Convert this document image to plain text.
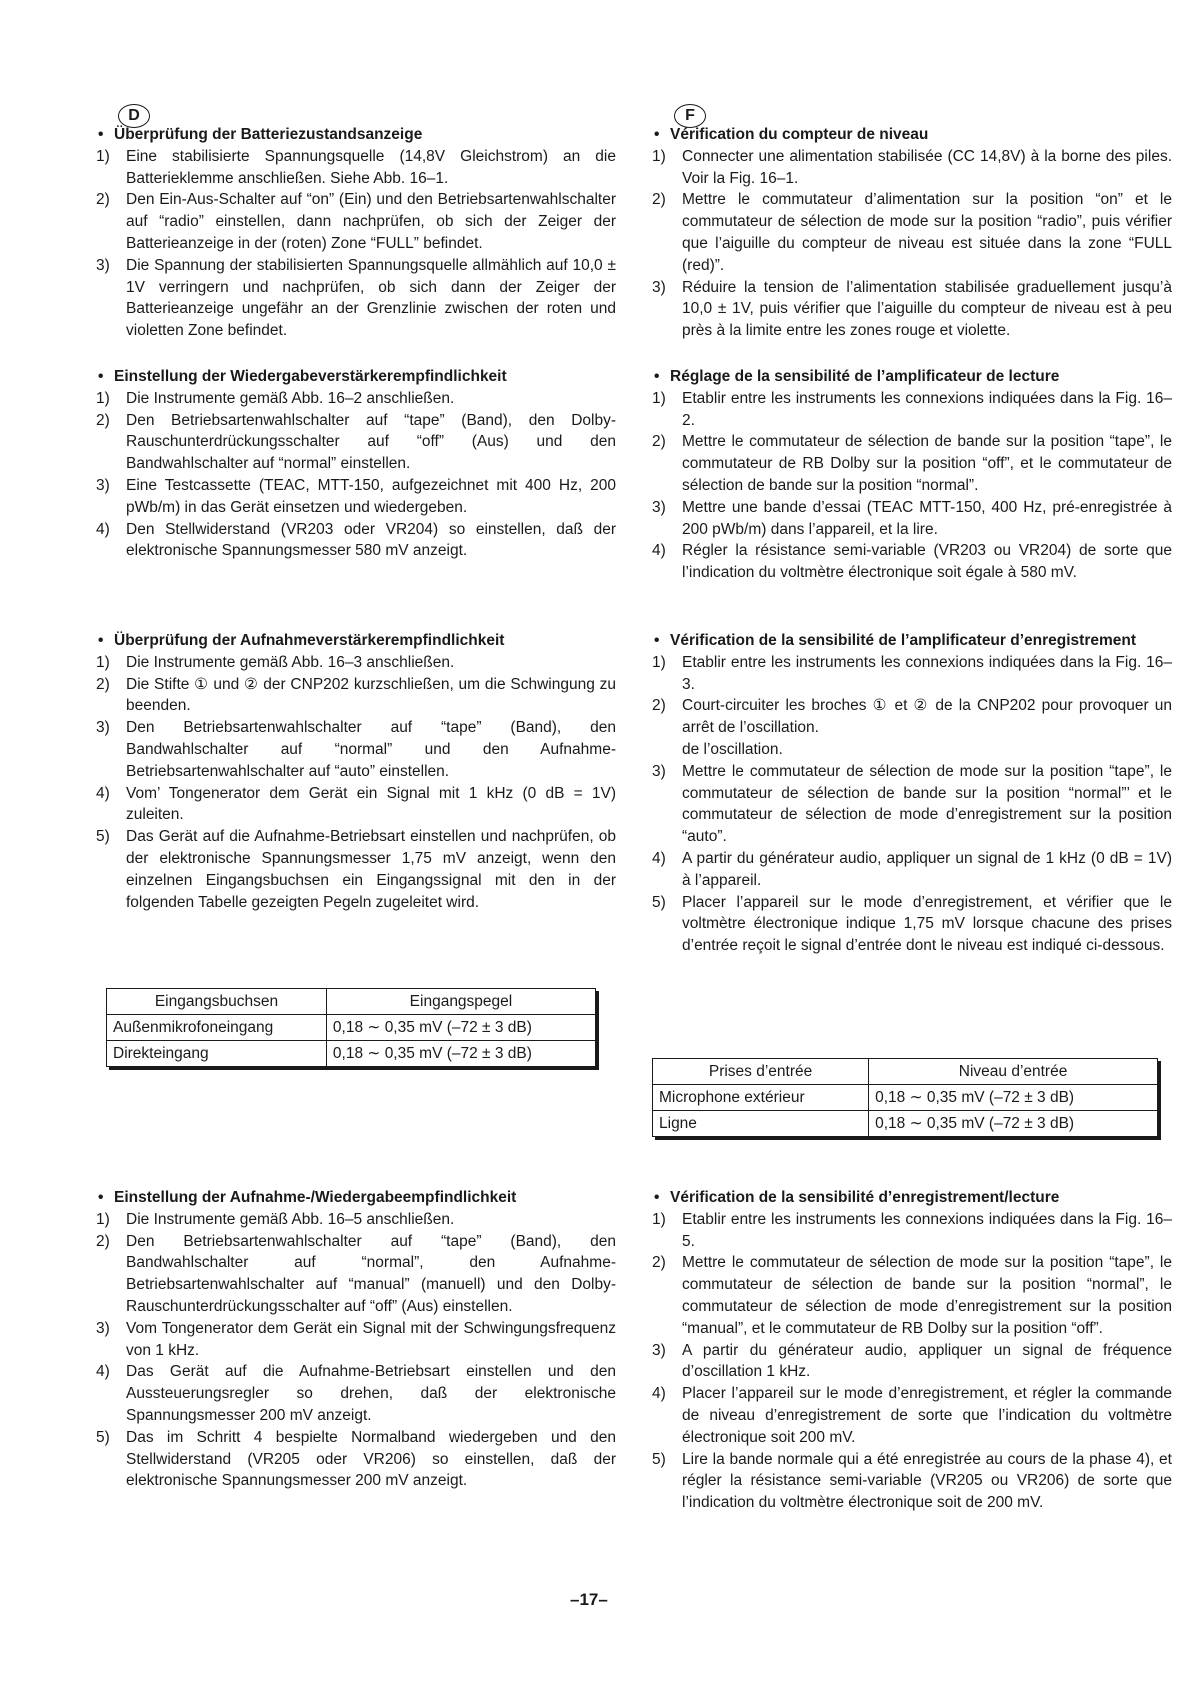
D

• Überprüfung der Batteriezustandsanzeige

1) Eine stabilisierte Spannungsquelle (14,8V Gleichstrom) an die Batterieklemme anschließen. Siehe Abb. 16–1.
2) Den Ein-Aus-Schalter auf “on” (Ein) und den Betriebsartenwahlschalter auf “radio” einstellen, dann nachprüfen, ob sich der Zeiger der Batterieanzeige in der (roten) Zone “FULL” befindet.
3) Die Spannung der stabilisierten Spannungsquelle allmählich auf 10,0 ± 1V verringern und nachprüfen, ob sich dann der Zeiger der Batterieanzeige ungefähr an der Grenzlinie zwischen der roten und violetten Zone befindet.

• Einstellung der Wiedergabeverstärkerempfindlichkeit

1) Die Instrumente gemäß Abb. 16–2 anschließen.
2) Den Betriebsartenwahlschalter auf “tape” (Band), den Dolby-Rauschunterdrückungsschalter auf “off” (Aus) und den Bandwahlschalter auf “normal” einstellen.
3) Eine Testcassette (TEAC, MTT-150, aufgezeichnet mit 400 Hz, 200 pWb/m) in das Gerät einsetzen und wiedergeben.
4) Den Stellwiderstand (VR203 oder VR204) so einstellen, daß der elektronische Spannungsmesser 580 mV anzeigt.

• Überprüfung der Aufnahmeverstärkerempfindlichkeit

1) Die Instrumente gemäß Abb. 16–3 anschließen.
2) Die Stifte ① und ② der CNP202 kurzschließen, um die Schwingung zu beenden.
3) Den Betriebsartenwahlschalter auf “tape” (Band), den Bandwahlschalter auf “normal” und den Aufnahme-Betriebsartenwahlschalter auf “auto” einstellen.
4) Vom’ Tongenerator dem Gerät ein Signal mit 1 kHz (0 dB = 1V) zuleiten.
5) Das Gerät auf die Aufnahme-Betriebsart einstellen und nachprüfen, ob der elektronische Spannungsmesser 1,75 mV anzeigt, wenn den einzelnen Eingangsbuchsen ein Eingangssignal mit den in der folgenden Tabelle gezeigten Pegeln zugeleitet wird.
Eingangsbuchsen	Eingangspegel
Außenmikrofoneingang	0,18 ∼ 0,35 mV (–72 ± 3 dB)
Direkteingang	0,18 ∼ 0,35 mV (–72 ± 3 dB)

• Einstellung der Aufnahme-/Wiedergabeempfindlichkeit

1) Die Instrumente gemäß Abb. 16–5 anschließen.
2) Den Betriebsartenwahlschalter auf “tape” (Band), den Bandwahlschalter auf “normal”, den Aufnahme-Betriebsartenwahlschalter auf “manual” (manuell) und den Dolby-Rauschunterdrückungsschalter auf “off” (Aus) einstellen.
3) Vom Tongenerator dem Gerät ein Signal mit der Schwingungsfrequenz von 1 kHz.
4) Das Gerät auf die Aufnahme-Betriebsart einstellen und den Aussteuerungsregler so drehen, daß der elektronische Spannungsmesser 200 mV anzeigt.
5) Das im Schritt 4 bespielte Normalband wiedergeben und den Stellwiderstand (VR205 oder VR206) so einstellen, daß der elektronische Spannungsmesser 200 mV anzeigt.
F

• Vérification du compteur de niveau

1) Connecter une alimentation stabilisée (CC 14,8V) à la borne des piles. Voir la Fig. 16–1.
2) Mettre le commutateur d’alimentation sur la position “on” et le commutateur de sélection de mode sur la position “radio”, puis vérifier que l’aiguille du compteur de niveau est située dans la zone “FULL (red)”.
3) Réduire la tension de l’alimentation stabilisée graduellement jusqu’à 10,0 ± 1V, puis vérifier que l’aiguille du compteur de niveau est à peu près à la limite entre les zones rouge et violette.

• Réglage de la sensibilité de l’amplificateur de lecture

1) Etablir entre les instruments les connexions indiquées dans la Fig. 16–2.
2) Mettre le commutateur de sélection de bande sur la position “tape”, le commutateur de RB Dolby sur la position “off”, et le commutateur de sélection de bande sur la position “normal”.
3) Mettre une bande d’essai (TEAC MTT-150, 400 Hz, pré-enregistrée à 200 pWb/m) dans l’appareil, et la lire.
4) Régler la résistance semi-variable (VR203 ou VR204) de sorte que l’indication du voltmètre électronique soit égale à 580 mV.

• Vérification de la sensibilité de l’amplificateur d’enregistrement

1) Etablir entre les instruments les connexions indiquées dans la Fig. 16–3.
2) Court-circuiter les broches ① et ② de la CNP202 pour provoquer un arrêt de l’oscillation.
de l’oscillation.
3) Mettre le commutateur de sélection de mode sur la position “tape”, le commutateur de sélection de bande sur la position “normal”’ et le commutateur de sélection de mode d’enregistrement sur la position “auto”.
4) A partir du générateur audio, appliquer un signal de 1 kHz (0 dB = 1V) à l’appareil.
5) Placer l’appareil sur le mode d’enregistrement, et vérifier que le voltmètre électronique indique 1,75 mV lorsque chacune des prises d’entrée reçoit le signal d’entrée dont le niveau est indiqué ci-dessous.
Prises d’entrée	Niveau d’entrée
Microphone extérieur	0,18 ∼ 0,35 mV (–72 ± 3 dB)
Ligne	0,18 ∼ 0,35 mV (–72 ± 3 dB)

• Vérification de la sensibilité d’enregistrement/lecture

1) Etablir entre les instruments les connexions indiquées dans la Fig. 16–5.
2) Mettre le commutateur de sélection de mode sur la position “tape”, le commutateur de sélection de bande sur la position “normal”, le commutateur de sélection de mode d’enregistrement sur la position “manual”, et le commutateur de RB Dolby sur la position “off”.
3) A partir du générateur audio, appliquer un signal de fréquence d’oscillation 1 kHz.
4) Placer l’appareil sur le mode d’enregistrement, et régler la commande de niveau d’enregistrement de sorte que l’indication du voltmètre électronique soit 200 mV.
5) Lire la bande normale qui a été enregistrée au cours de la phase 4), et régler la résistance semi-variable (VR205 ou VR206) de sorte que l’indication du voltmètre électronique soit de 200 mV.
–17–
